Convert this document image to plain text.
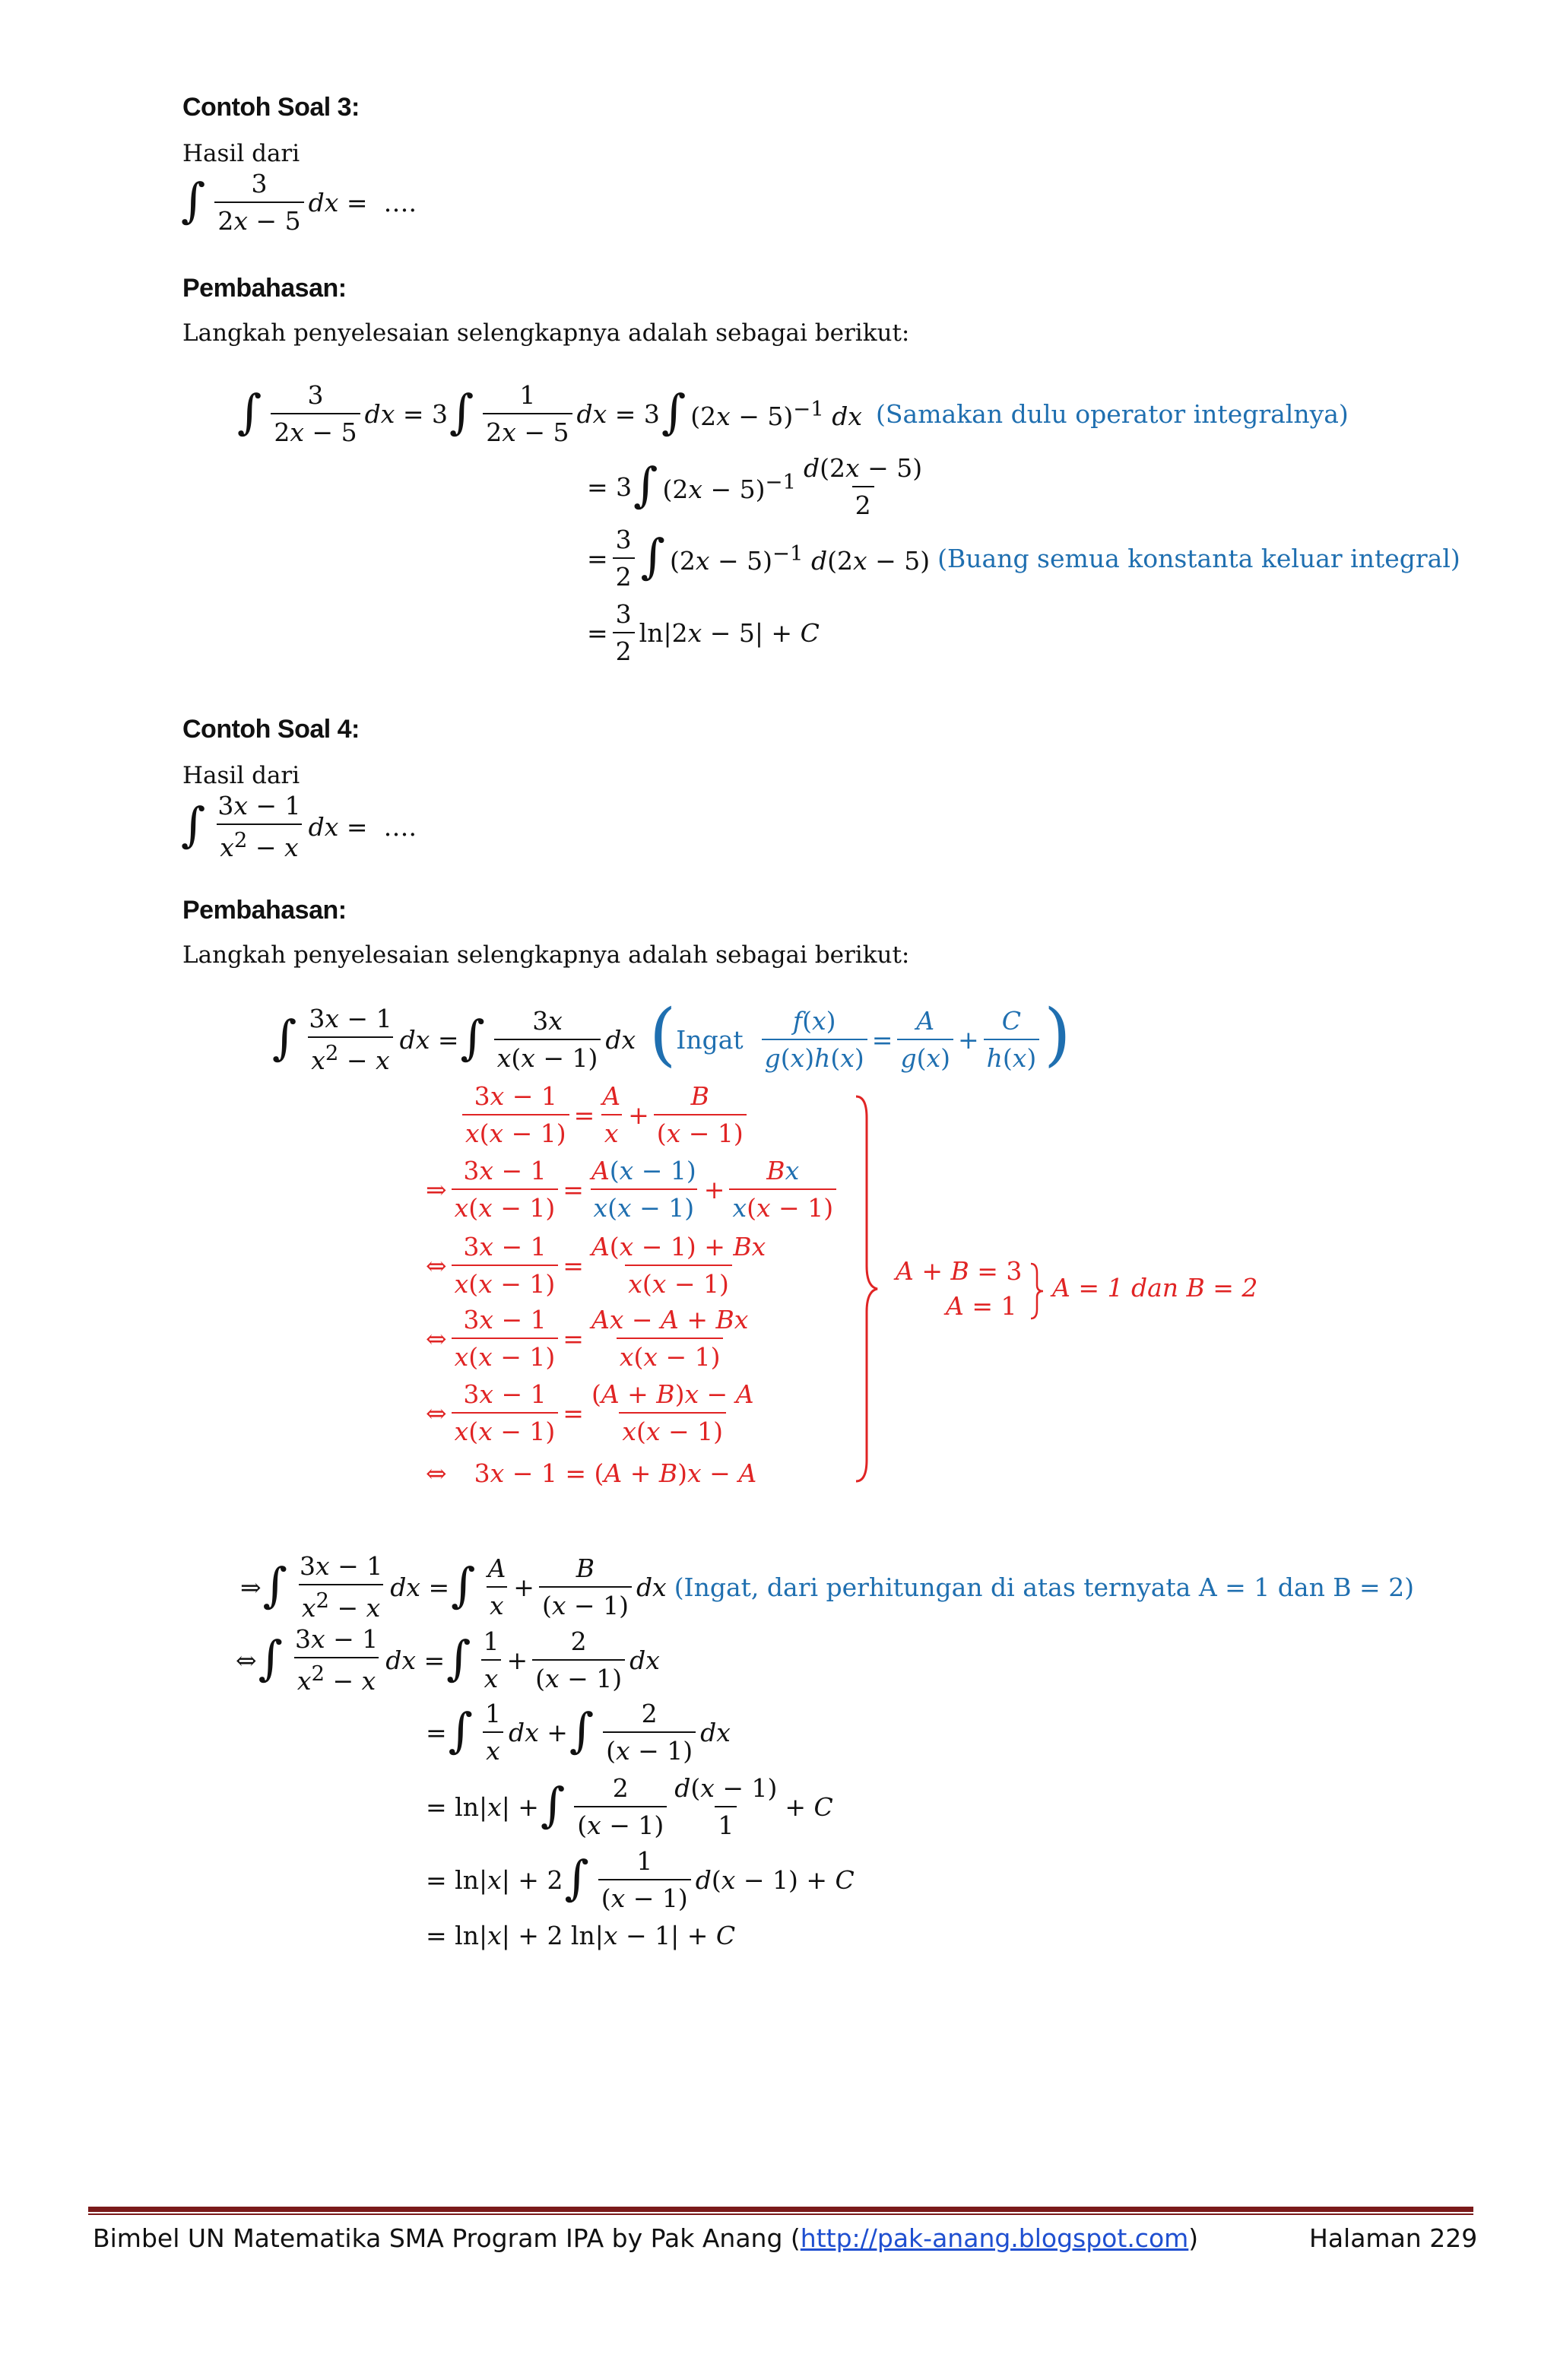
Contoh Soal 3:
Hasil dari
∫ $\frac{3}{2x - 5}$ dx =  ….
Pembahasan:
Langkah penyelesaian selengkapnya adalah sebagai berikut:
∫ $\frac{3}{2x - 5}$ dx = 3 ∫ $\frac{1}{2x - 5}$ dx = 3 ∫ $(2x - 5)^{-1}$ dx (Samakan dulu operator integralnya)
= 3 ∫ $(2x - 5)^{-1} \frac{d(2x - 5)}{2}$
= $\frac{3}{2}$ ∫ $(2x - 5)^{-1}$ d(2x − 5) (Buang semua konstanta keluar integral)
= $\frac{3}{2} \ln|2x - 5| + C$
Contoh Soal 4:
Hasil dari
∫ $\frac{3x - 1}{x^2 - x}$ dx =  ….
Pembahasan:
Langkah penyelesaian selengkapnya adalah sebagai berikut:
∫ $\frac{3x - 1}{x^2 - x}$ dx = ∫ $\frac{3x}{x(x - 1)}$ dx ( Ingat $\frac{f(x)}{g(x)h(x)} = \frac{A}{g(x)} + \frac{C}{h(x)}$ )
$\frac{3x - 1}{x(x - 1)} = \frac{A}{x} + \frac{B}{(x - 1)}$
⇒ $\frac{3x - 1}{x(x - 1)} = \frac{A(x - 1)}{x(x - 1)} + \frac{Bx}{x(x - 1)}$
⇔ $\frac{3x - 1}{x(x - 1)} = \frac{A(x - 1) + Bx}{x(x - 1)}$
⇔ $\frac{3x - 1}{x(x - 1)} = \frac{Ax - A + Bx}{x(x - 1)}$
⇔ $\frac{3x - 1}{x(x - 1)} = \frac{(A + B)x - A}{x(x - 1)}$
⇔ 3x − 1 = (A + B)x − A
A + B = 3
A = 1
A = 1 dan B = 2
⇒ ∫ $\frac{3x - 1}{x^2 - x}$ dx = ∫ $\frac{A}{x} + \frac{B}{(x - 1)}$ dx (Ingat, dari perhitungan di atas ternyata A = 1 dan B = 2)
⇔ ∫ $\frac{3x - 1}{x^2 - x}$ dx = ∫ $\frac{1}{x} + \frac{2}{(x - 1)}$ dx
= ∫ $\frac{1}{x}$ dx + ∫ $\frac{2}{(x - 1)}$ dx
= ln|x| + ∫ $\frac{2}{(x - 1)} \frac{d(x - 1)}{1} + C$
= ln|x| + 2 ∫ $\frac{1}{(x - 1)} d(x - 1) + C$
= ln|x| + 2 ln|x − 1| + C
Bimbel UN Matematika SMA Program IPA by Pak Anang (http://pak-anang.blogspot.com)	Halaman 229
